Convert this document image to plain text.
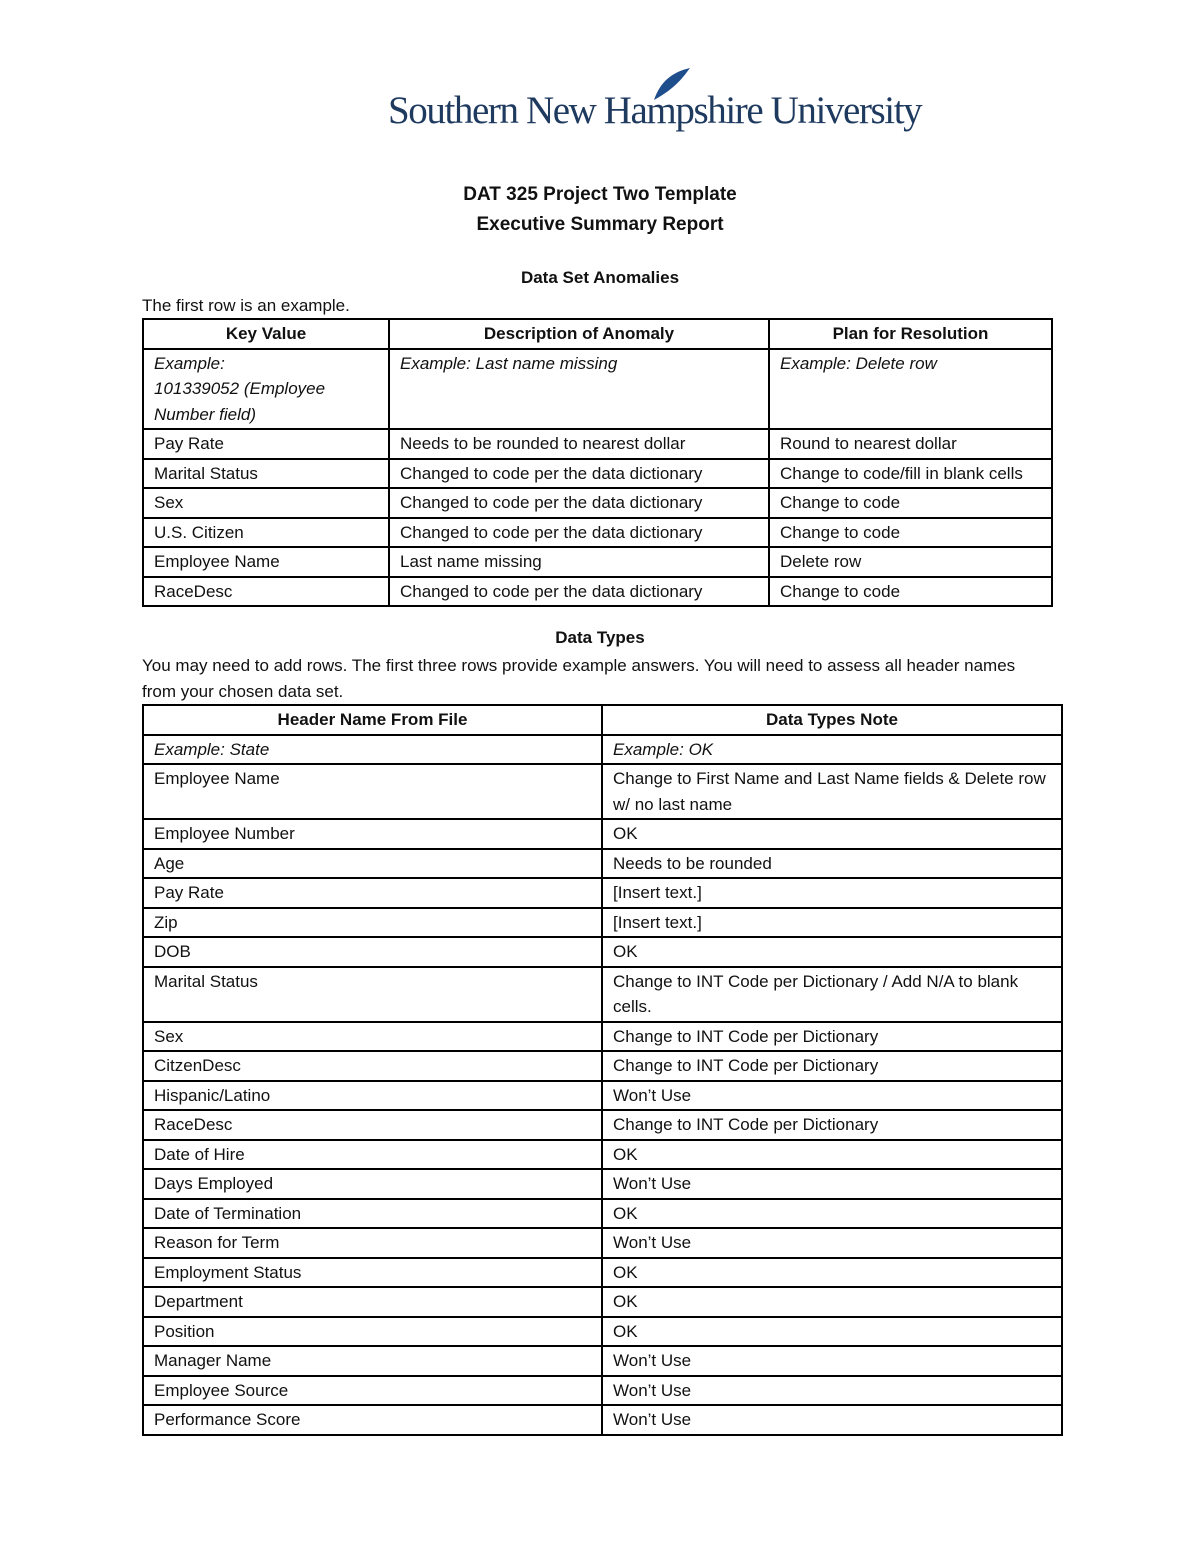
Southern New Hampshire University
DAT 325 Project Two Template
Executive Summary Report
Data Set Anomalies
The first row is an example.
Key Value	Description of Anomaly	Plan for Resolution
Example:
101339052 (Employee Number field)	Example: Last name missing	Example: Delete row
Pay Rate	Needs to be rounded to nearest dollar	Round to nearest dollar
Marital Status	Changed to code per the data dictionary	Change to code/fill in blank cells
Sex	Changed to code per the data dictionary	Change to code
U.S. Citizen	Changed to code per the data dictionary	Change to code
Employee Name	Last name missing	Delete row
RaceDesc	Changed to code per the data dictionary	Change to code
Data Types
You may need to add rows. The first three rows provide example answers. You will need to assess all header names from your chosen data set.
Header Name From File	Data Types Note
Example: State	Example: OK
Employee Name	Change to First Name and Last Name fields & Delete row w/ no last name
Employee Number	OK
Age	Needs to be rounded
Pay Rate	[Insert text.]
Zip	[Insert text.]
DOB	OK
Marital Status	Change to INT Code per Dictionary / Add N/A to blank cells.
Sex	Change to INT Code per Dictionary
CitzenDesc	Change to INT Code per Dictionary
Hispanic/Latino	Won’t Use
RaceDesc	Change to INT Code per Dictionary
Date of Hire	OK
Days Employed	Won’t Use
Date of Termination	OK
Reason for Term	Won’t Use
Employment Status	OK
Department	OK
Position	OK
Manager Name	Won’t Use
Employee Source	Won’t Use
Performance Score	Won’t Use
